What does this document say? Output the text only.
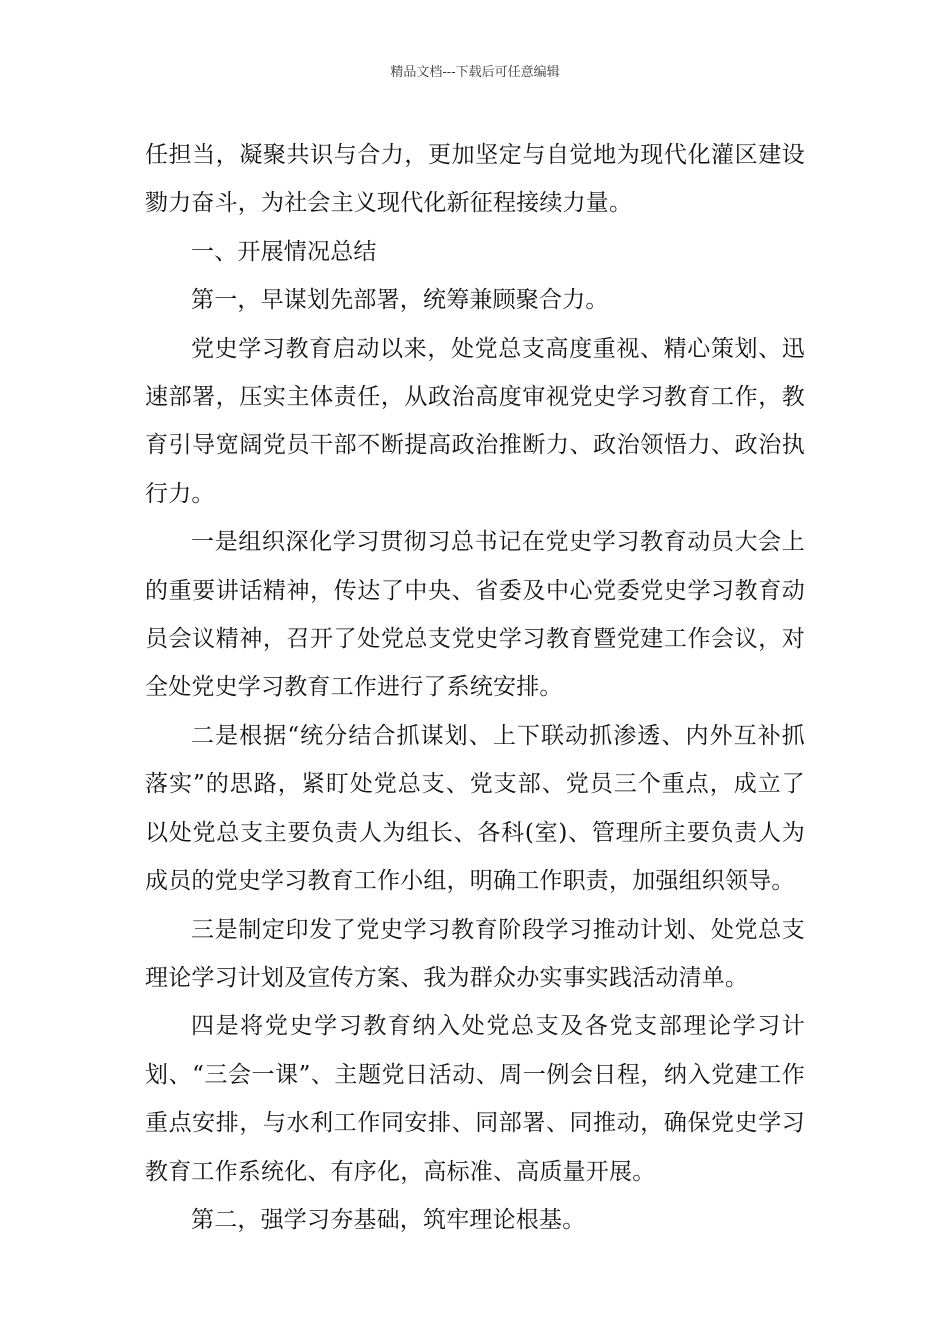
精品文档---下载后可任意编辑

任担当，凝聚共识与合力，更加坚定与自觉地为现代化灌区建设勠力奋斗，为社会主义现代化新征程接续力量。

一、开展情况总结

第一，早谋划先部署，统筹兼顾聚合力。

党史学习教育启动以来，处党总支高度重视、精心策划、迅速部署，压实主体责任，从政治高度审视党史学习教育工作，教育引导宽阔党员干部不断提高政治推断力、政治领悟力、政治执行力。

一是组织深化学习贯彻习总书记在党史学习教育动员大会上的重要讲话精神，传达了中央、省委及中心党委党史学习教育动员会议精神，召开了处党总支党史学习教育暨党建工作会议，对全处党史学习教育工作进行了系统安排。

二是根据“统分结合抓谋划、上下联动抓渗透、内外互补抓落实”的思路，紧盯处党总支、党支部、党员三个重点，成立了以处党总支主要负责人为组长、各科(室)、管理所主要负责人为成员的党史学习教育工作小组，明确工作职责，加强组织领导。

三是制定印发了党史学习教育阶段学习推动计划、处党总支理论学习计划及宣传方案、我为群众办实事实践活动清单。

四是将党史学习教育纳入处党总支及各党支部理论学习计划、“三会一课”、主题党日活动、周一例会日程，纳入党建工作重点安排，与水利工作同安排、同部署、同推动，确保党史学习教育工作系统化、有序化，高标准、高质量开展。

第二，强学习夯基础，筑牢理论根基。
